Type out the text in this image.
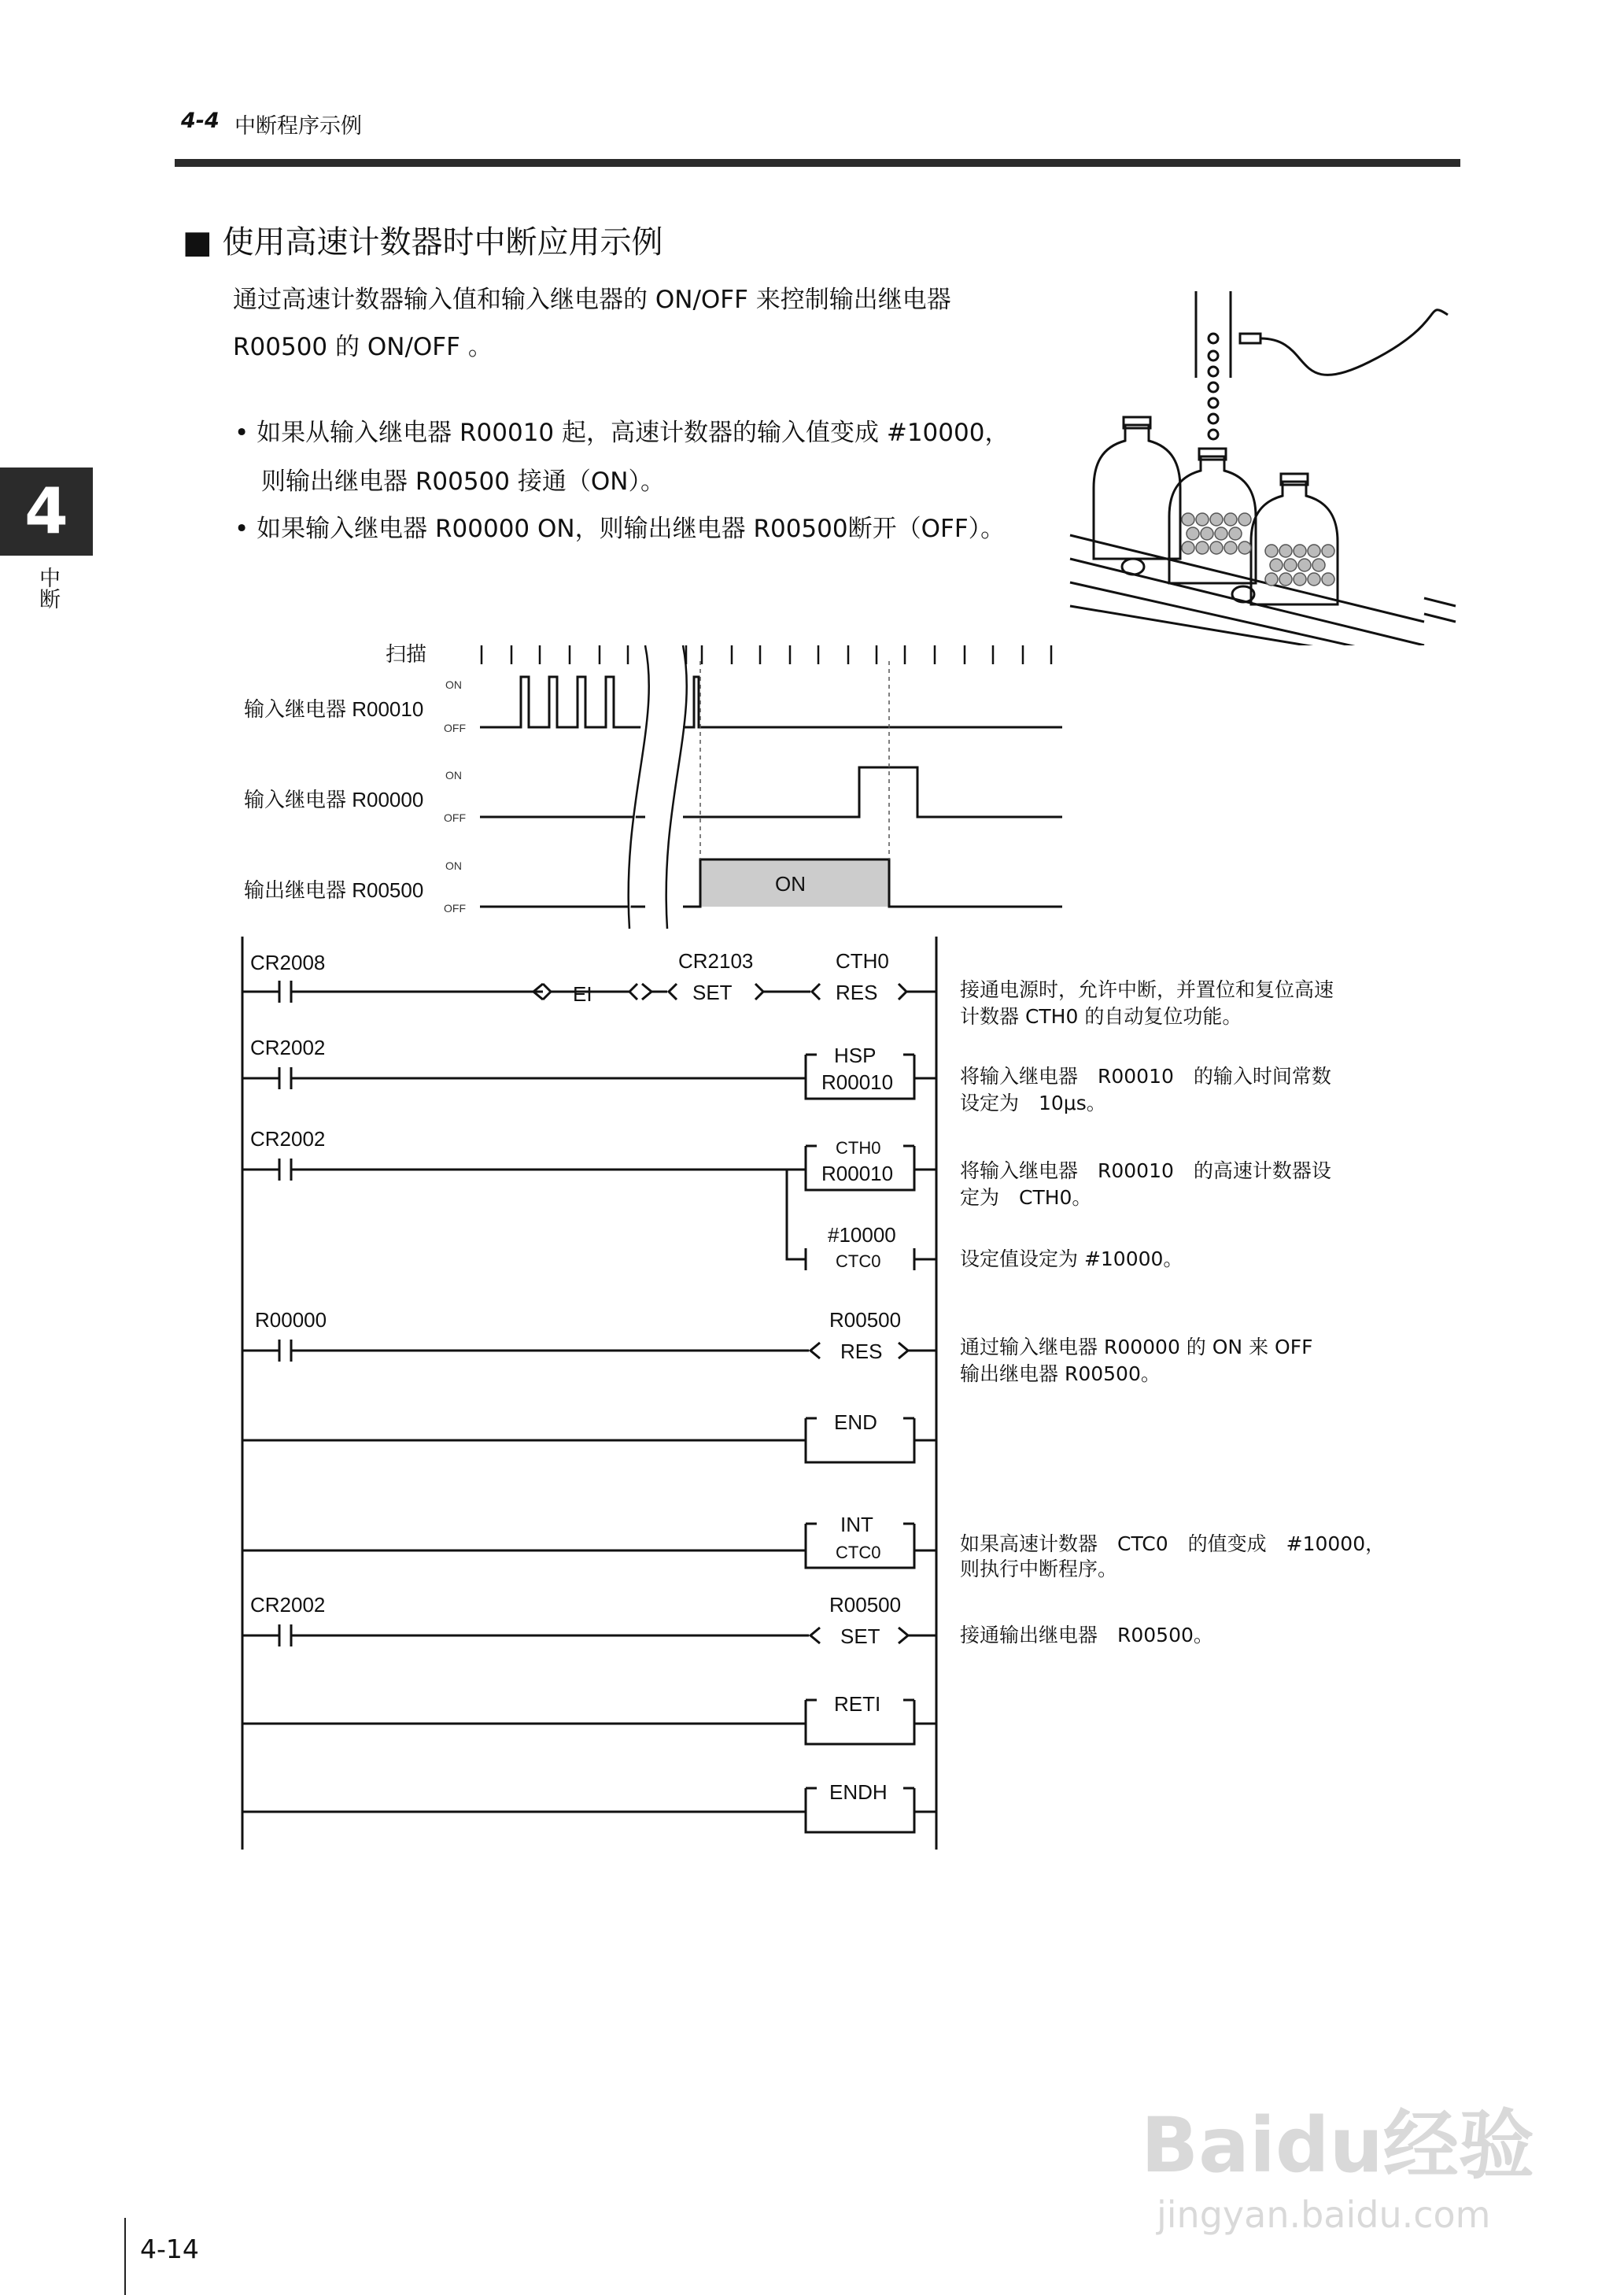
4-4 中断程序示例
4
中断
■ 使用高速计数器时中断应用示例
通过高速计数器输入值和输入继电器的 ON/OFF 来控制输出继电器
R00500 的 ON/OFF 。
• 如果从输入继电器 R00010 起，高速计数器的输入值变成 #10000，
则输出继电器 R00500 接通（ON）。
• 如果输入继电器 R00000 ON，则输出继电器 R00500断开（OFF）。
扫描
输入继电器 R00010
ON
OFF
输入继电器 R00000
ON
OFF
输出继电器 R00500
ON
OFF
ON
CR2008
EI
CR2103
SET
CTH0
RES	接通电源时，允许中断，并置位和复位高速
计数器 CTH0 的自动复位功能。
CR2002	HSP
R00010	将输入继电器　R00010　的输入时间常数
设定为　10μs。
CR2002	CTH0
R00010	将输入继电器　R00010　的高速计数器设
定为　CTH0。
#10000
CTC0	设定值设定为 #10000。
R00000	R00500
RES	通过输入继电器 R00000 的 ON 来 OFF
输出继电器 R00500。
END
INT
CTC0	如果高速计数器　CTC0　的值变成　#10000，
则执行中断程序。
CR2002	R00500
SET	接通输出继电器　R00500。
RETI
ENDH
Baidu经验
jingyan.baidu.com
4-14
